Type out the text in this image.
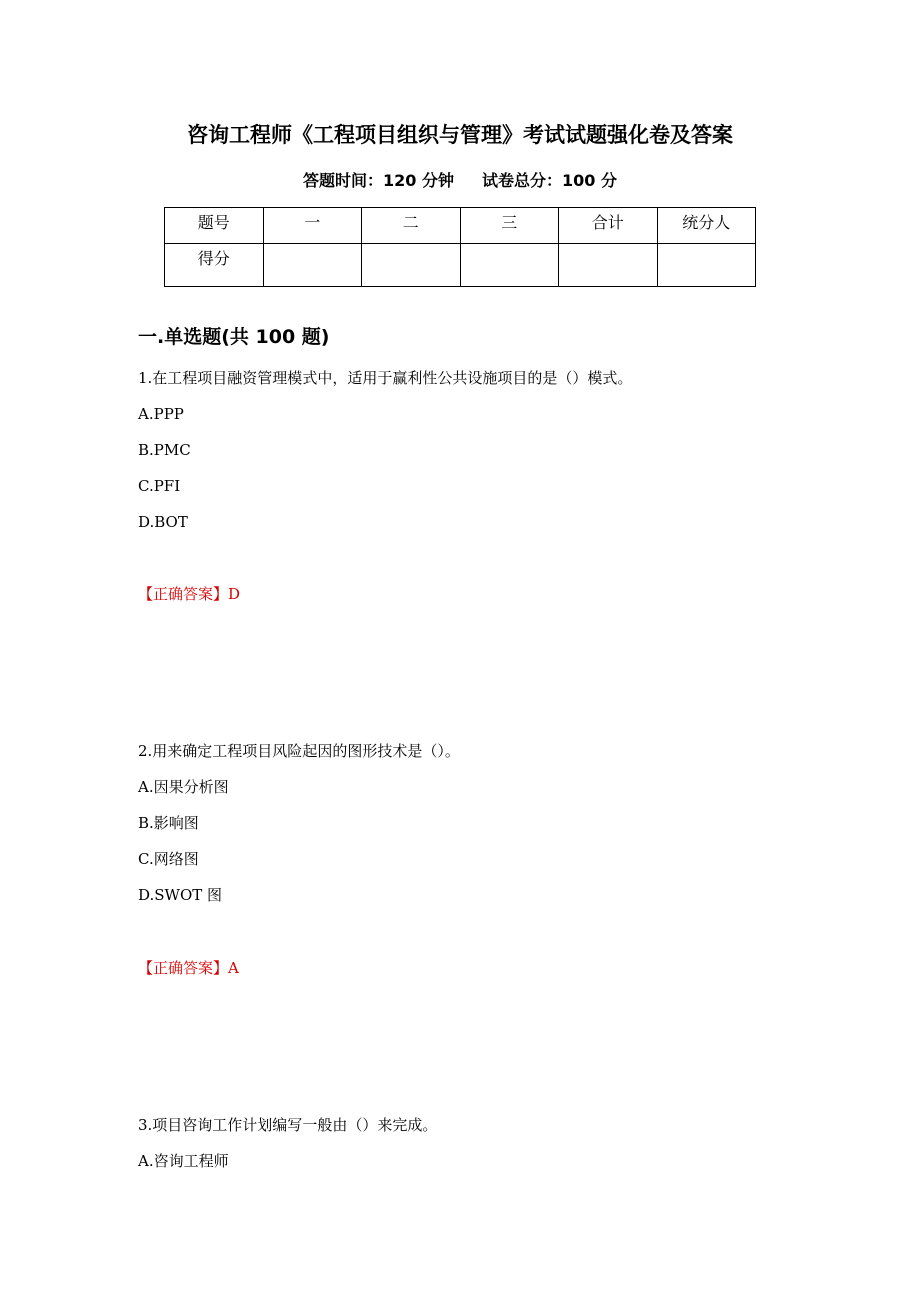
咨询工程师《工程项目组织与管理》考试试题强化卷及答案
答题时间：120 分钟 试卷总分：100 分
题号	一	二	三	合计	统分人
得分					
一.单选题(共 100 题)
1.在工程项目融资管理模式中，适用于赢利性公共设施项目的是（）模式。
A.PPP
B.PMC
C.PFI
D.BOT
【正确答案】D
2.用来确定工程项目风险起因的图形技术是（）。
A.因果分析图
B.影响图
C.网络图
D.SWOT 图
【正确答案】A
3.项目咨询工作计划编写一般由（）来完成。
A.咨询工程师
